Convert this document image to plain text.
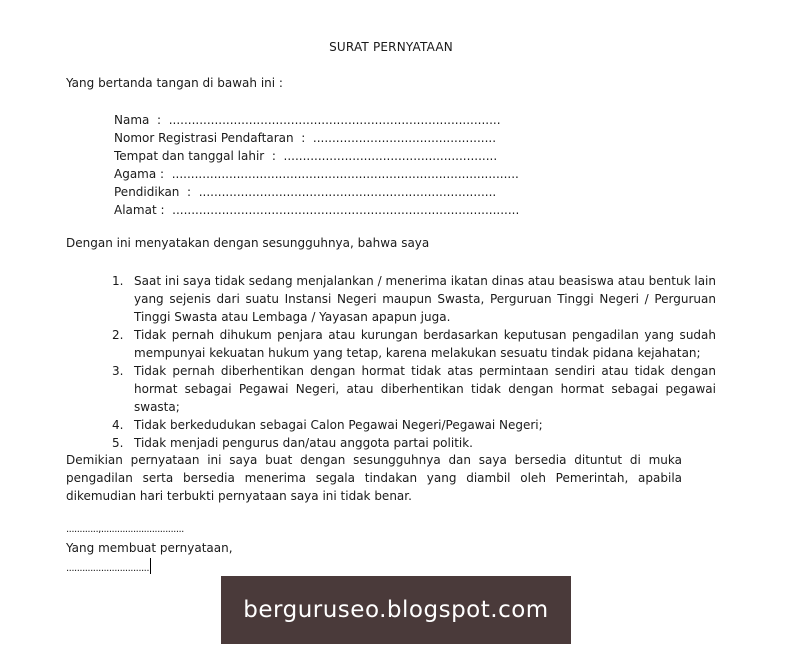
SURAT PERNYATAAN
Yang bertanda tangan di bawah ini :
Nama  :  .......................................................................................
Nomor Registrasi Pendaftaran  :  ................................................
Tempat dan tanggal lahir  :  ........................................................
Agama :  ...........................................................................................
Pendidikan  :  ..............................................................................
Alamat :  ...........................................................................................
Dengan ini menyatakan dengan sesungguhnya, bahwa saya
1. Saat ini saya tidak sedang menjalankan / menerima ikatan dinas atau beasiswa atau bentuk lain yang sejenis dari suatu Instansi Negeri maupun Swasta, Perguruan Tinggi Negeri / Perguruan Tinggi Swasta atau Lembaga / Yayasan apapun juga.
2. Tidak pernah dihukum penjara atau kurungan berdasarkan keputusan pengadilan yang sudah mempunyai kekuatan hukum yang tetap, karena melakukan sesuatu tindak pidana kejahatan;
3. Tidak pernah diberhentikan dengan hormat tidak atas permintaan sendiri atau tidak dengan hormat sebagai Pegawai Negeri, atau diberhentikan tidak dengan hormat sebagai pegawai swasta;
4. Tidak berkedudukan sebagai Calon Pegawai Negeri/Pegawai Negeri;
5. Tidak menjadi pengurus dan/atau anggota partai politik.
Demikian pernyataan ini saya buat dengan sesungguhnya dan saya bersedia dituntut di muka pengadilan serta bersedia menerima segala tindakan yang diambil oleh Pemerintah, apabila dikemudian hari terbukti pernyataan saya ini tidak benar.
............,...............................
Yang membuat pernyataan,
...............................
berguruseo.blogspot.com
